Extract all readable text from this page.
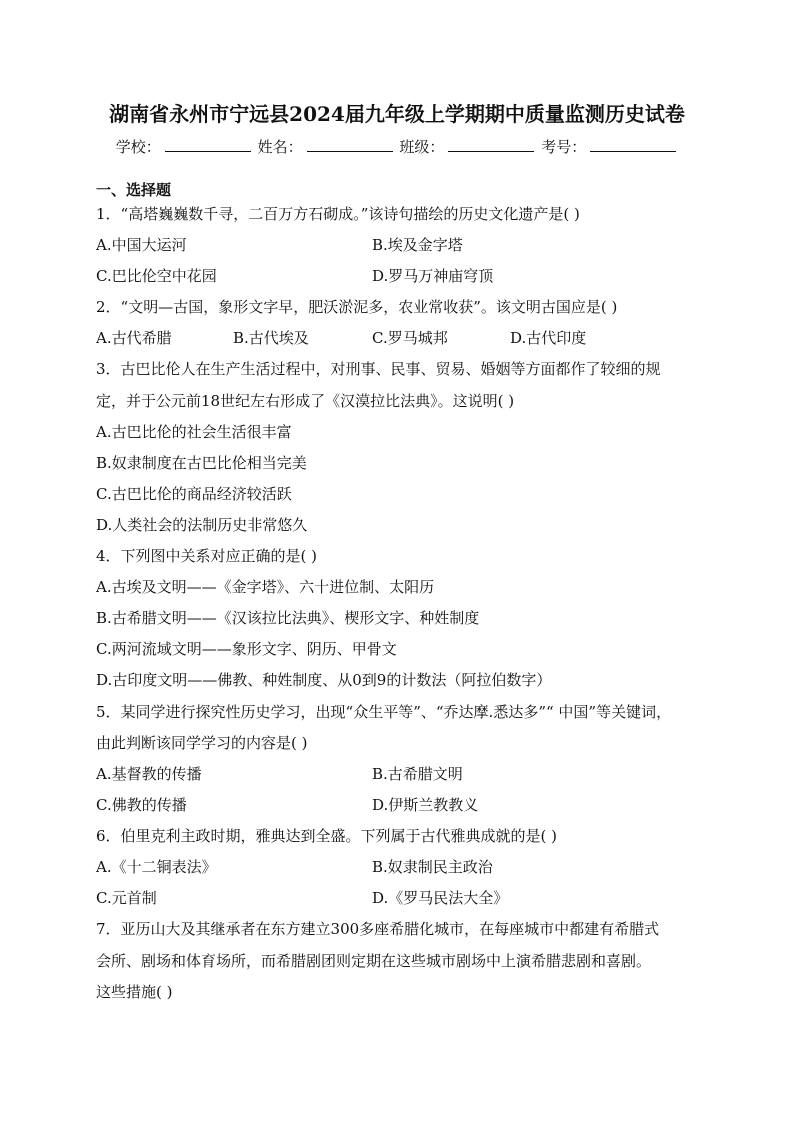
湖南省永州市宁远县2024届九年级上学期期中质量监测历史试卷
学校：	姓名：	班级：	考号：
一、选择题
1．“高塔巍巍数千寻，二百万方石砌成。”该诗句描绘的历史文化遗产是( )
A.中国大运河	B.埃及金字塔
C.巴比伦空中花园	D.罗马万神庙穹顶
2．“文明—古国，象形文字早，肥沃淤泥多，农业常收获”。该文明古国应是( )
A.古代希腊	B.古代埃及	C.罗马城邦	D.古代印度
3．古巴比伦人在生产生活过程中，对刑事、民事、贸易、婚姻等方面都作了较细的规
定，并于公元前18世纪左右形成了《汉漠拉比法典》。这说明( )
A.古巴比伦的社会生活很丰富
B.奴隶制度在古巴比伦相当完美
C.古巴比伦的商品经济较活跃
D.人类社会的法制历史非常悠久
4．下列图中关系对应正确的是( )
A.古埃及文明——《金字塔》、六十进位制、太阳历
B.古希腊文明——《汉该拉比法典》、楔形文字、种姓制度
C.两河流域文明——象形文字、阴历、甲骨文
D.古印度文明——佛教、种姓制度、从0到9的计数法（阿拉伯数字）
5．某同学进行探究性历史学习，出现“众生平等”、“乔达摩.悉达多”“ 中国”等关键词，
由此判断该同学学习的内容是( )
A.基督教的传播	B.古希腊文明
C.佛教的传播	D.伊斯兰教教义
6．伯里克利主政时期，雅典达到全盛。下列属于古代雅典成就的是( )
A.《十二铜表法》	B.奴隶制民主政治
C.元首制	D.《罗马民法大全》
7．亚历山大及其继承者在东方建立300多座希腊化城市，在每座城市中都建有希腊式
会所、剧场和体育场所，而希腊剧团则定期在这些城市剧场中上演希腊悲剧和喜剧。
这些措施( )
